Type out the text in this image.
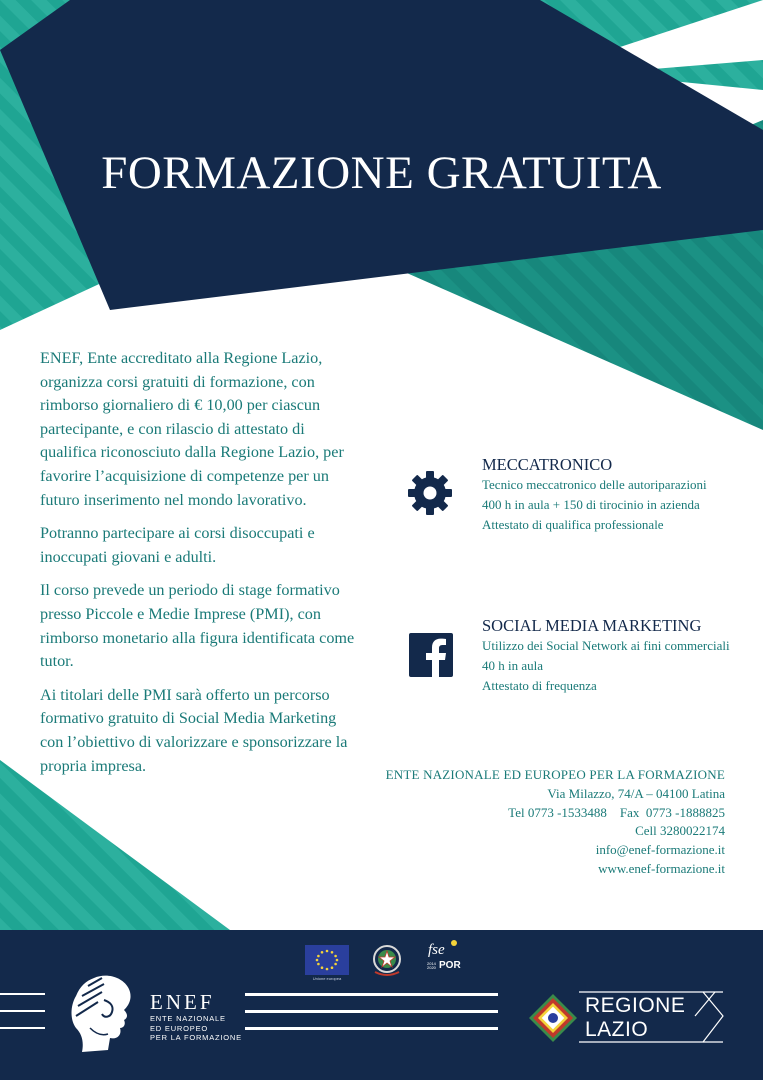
FORMAZIONE GRATUITA

ENEF, Ente accreditato alla Regione Lazio, organizza corsi gratuiti di formazione, con rimborso giornaliero di € 10,00 per ciascun partecipante, e con rilascio di attestato di qualifica riconosciuto dalla Regione Lazio, per favorire l’acquisizione di competenze per un futuro inserimento nel mondo lavorativo.

Potranno partecipare ai corsi disoccupati e inoccupati giovani e adulti.

Il corso prevede un periodo di stage formativo presso Piccole e Medie Imprese (PMI), con rimborso monetario alla figura identificata come tutor.

Ai titolari delle PMI sarà offerto un percorso formativo gratuito di Social Media Marketing con l’obiettivo di valorizzare e sponsorizzare la propria impresa.

MECCATRONICO
Tecnico meccatronico delle autoriparazioni
400 h in aula + 150 di tirocinio in azienda
Attestato di qualifica professionale
SOCIAL MEDIA MARKETING
Utilizzo dei Social Network ai fini commerciali
40 h in aula
Attestato di frequenza
ENTE NAZIONALE ED EUROPEO PER LA FORMAZIONE
Via Milazzo, 74/A – 04100 Latina
Tel 0773 -1533488    Fax  0773 -1888825
Cell 3280022174
info@enef-formazione.it
www.enef-formazione.it
Unione europea
fse
2014
2020 POR
ENEF
ENTE NAZIONALE
ED EUROPEO
PER LA FORMAZIONE
REGIONE
LAZIO
